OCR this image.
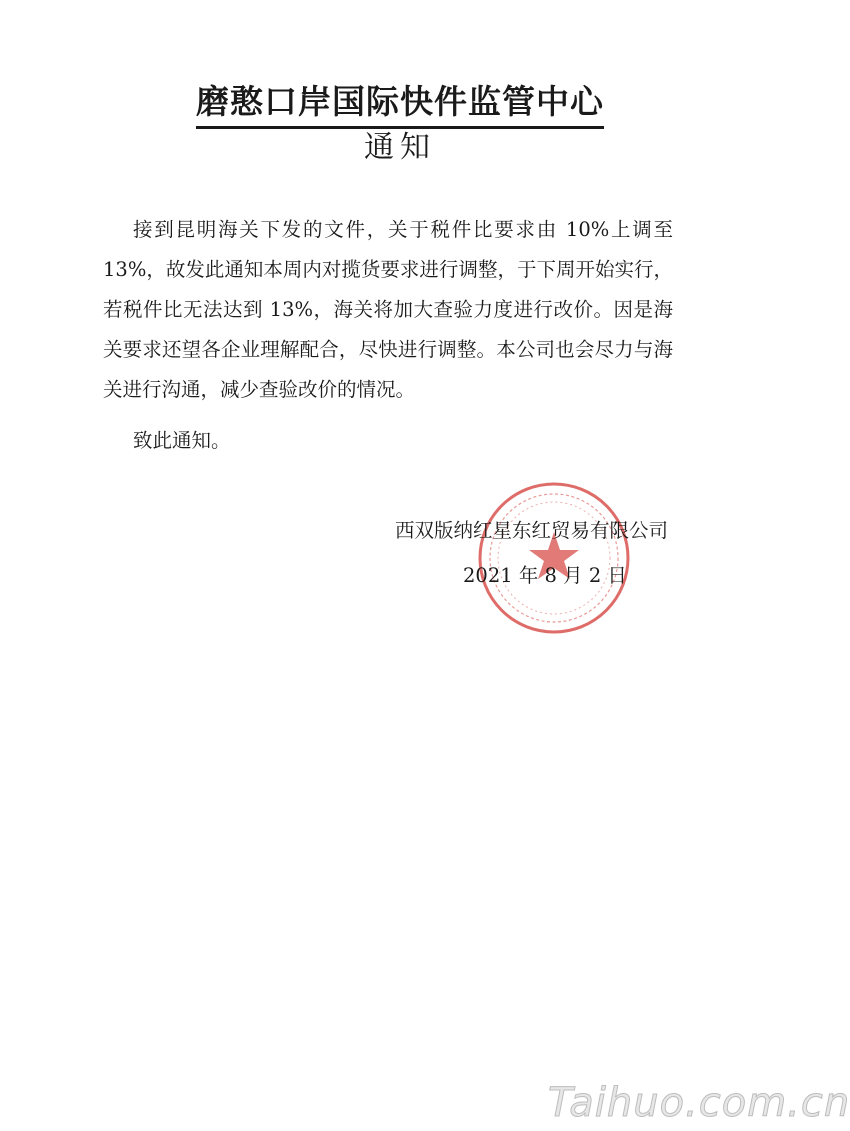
磨憨口岸国际快件监管中心
通知
接到昆明海关下发的文件，关于税件比要求由 10%上调至 13%，故发此通知本周内对揽货要求进行调整，于下周开始实行，若税件比无法达到 13%，海关将加大查验力度进行改价。因是海关要求还望各企业理解配合，尽快进行调整。本公司也会尽力与海关进行沟通，减少查验改价的情况。
致此通知。
西双版纳红星东红贸易有限公司
2021 年 8 月 2 日
Taihuo.com.cn
